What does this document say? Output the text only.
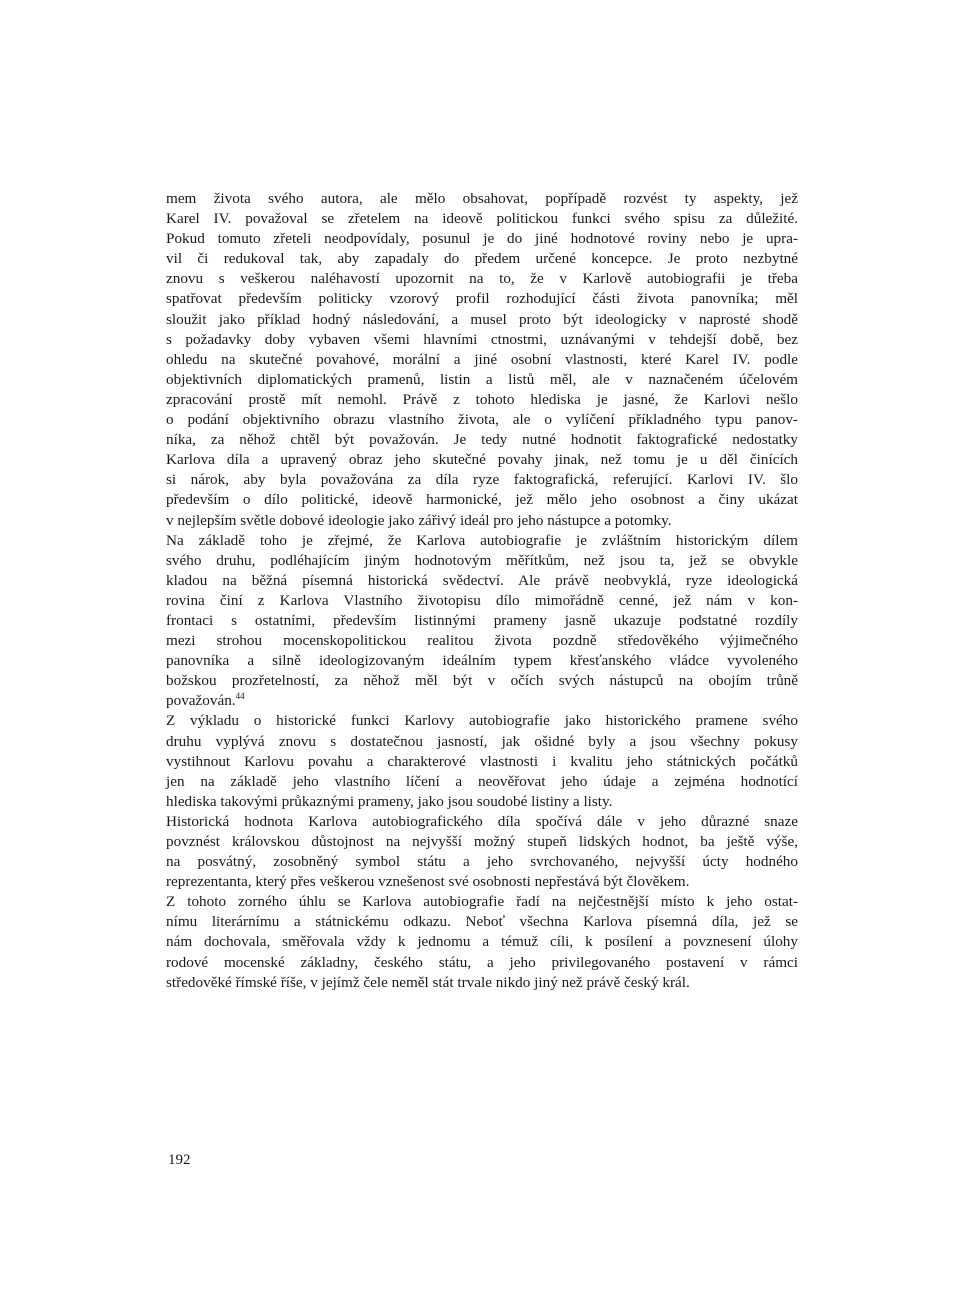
mem života svého autora, ale mělo obsahovat, popřípadě rozvést ty aspekty, jež
Karel IV. považoval se zřetelem na ideově politickou funkci svého spisu za důležité.
Pokud tomuto zřeteli neodpovídaly, posunul je do jiné hodnotové roviny nebo je upra-
vil či redukoval tak, aby zapadaly do předem určené koncepce. Je proto nezbytné
znovu s veškerou naléhavostí upozornit na to, že v Karlově autobiografii je třeba
spatřovat především politicky vzorový profil rozhodující části života panovníka; měl
sloužit jako příklad hodný následování, a musel proto být ideologicky v naprosté shodě
s požadavky doby vybaven všemi hlavními ctnostmi, uznávanými v tehdejší době, bez
ohledu na skutečné povahové, morální a jiné osobní vlastnosti, které Karel IV. podle
objektivních diplomatických pramenů, listin a listů měl, ale v naznačeném účelovém
zpracování prostě mít nemohl. Právě z tohoto hlediska je jasné, že Karlovi nešlo
o podání objektivního obrazu vlastního života, ale o vylíčení příkladného typu panov-
níka, za něhož chtěl být považován. Je tedy nutné hodnotit faktografické nedostatky
Karlova díla a upravený obraz jeho skutečné povahy jinak, než tomu je u děl činících
si nárok, aby byla považována za díla ryze faktografická, referující. Karlovi IV. šlo
především o dílo politické, ideově harmonické, jež mělo jeho osobnost a činy ukázat
v nejlepším světle dobové ideologie jako zářivý ideál pro jeho nástupce a potomky.
Na základě toho je zřejmé, že Karlova autobiografie je zvláštním historickým dílem
svého druhu, podléhajícím jiným hodnotovým měřítkům, než jsou ta, jež se obvykle
kladou na běžná písemná historická svědectví. Ale právě neobvyklá, ryze ideologická
rovina činí z Karlova Vlastního životopisu dílo mimořádně cenné, jež nám v kon-
frontaci s ostatními, především listinnými prameny jasně ukazuje podstatné rozdíly
mezi strohou mocenskopolitickou realitou života pozdně středověkého výjimečného
panovníka a silně ideologizovaným ideálním typem křesťanského vládce vyvoleného
božskou prozřetelností, za něhož měl být v očích svých nástupců na obojím trůně
považován.$^{44}$
Z výkladu o historické funkci Karlovy autobiografie jako historického pramene svého
druhu vyplývá znovu s dostatečnou jasností, jak ošidné byly a jsou všechny pokusy
vystihnout Karlovu povahu a charakterové vlastnosti i kvalitu jeho státnických počátků
jen na základě jeho vlastního líčení a neověřovat jeho údaje a zejména hodnotící
hlediska takovými průkaznými prameny, jako jsou soudobé listiny a listy.
Historická hodnota Karlova autobiografického díla spočívá dále v jeho důrazné snaze
povznést královskou důstojnost na nejvyšší možný stupeň lidských hodnot, ba ještě výše,
na posvátný, zosobněný symbol státu a jeho svrchovaného, nejvyšší úcty hodného
reprezentanta, který přes veškerou vznešenost své osobnosti nepřestává být člověkem.
Z tohoto zorného úhlu se Karlova autobiografie řadí na nejčestnější místo k jeho ostat-
nímu literárnímu a státnickému odkazu. Neboť všechna Karlova písemná díla, jež se
nám dochovala, směřovala vždy k jednomu a témuž cíli, k posílení a povznesení úlohy
rodové mocenské základny, českého státu, a jeho privilegovaného postavení v rámci
středověké římské říše, v jejímž čele neměl stát trvale nikdo jiný než právě český král.
192
